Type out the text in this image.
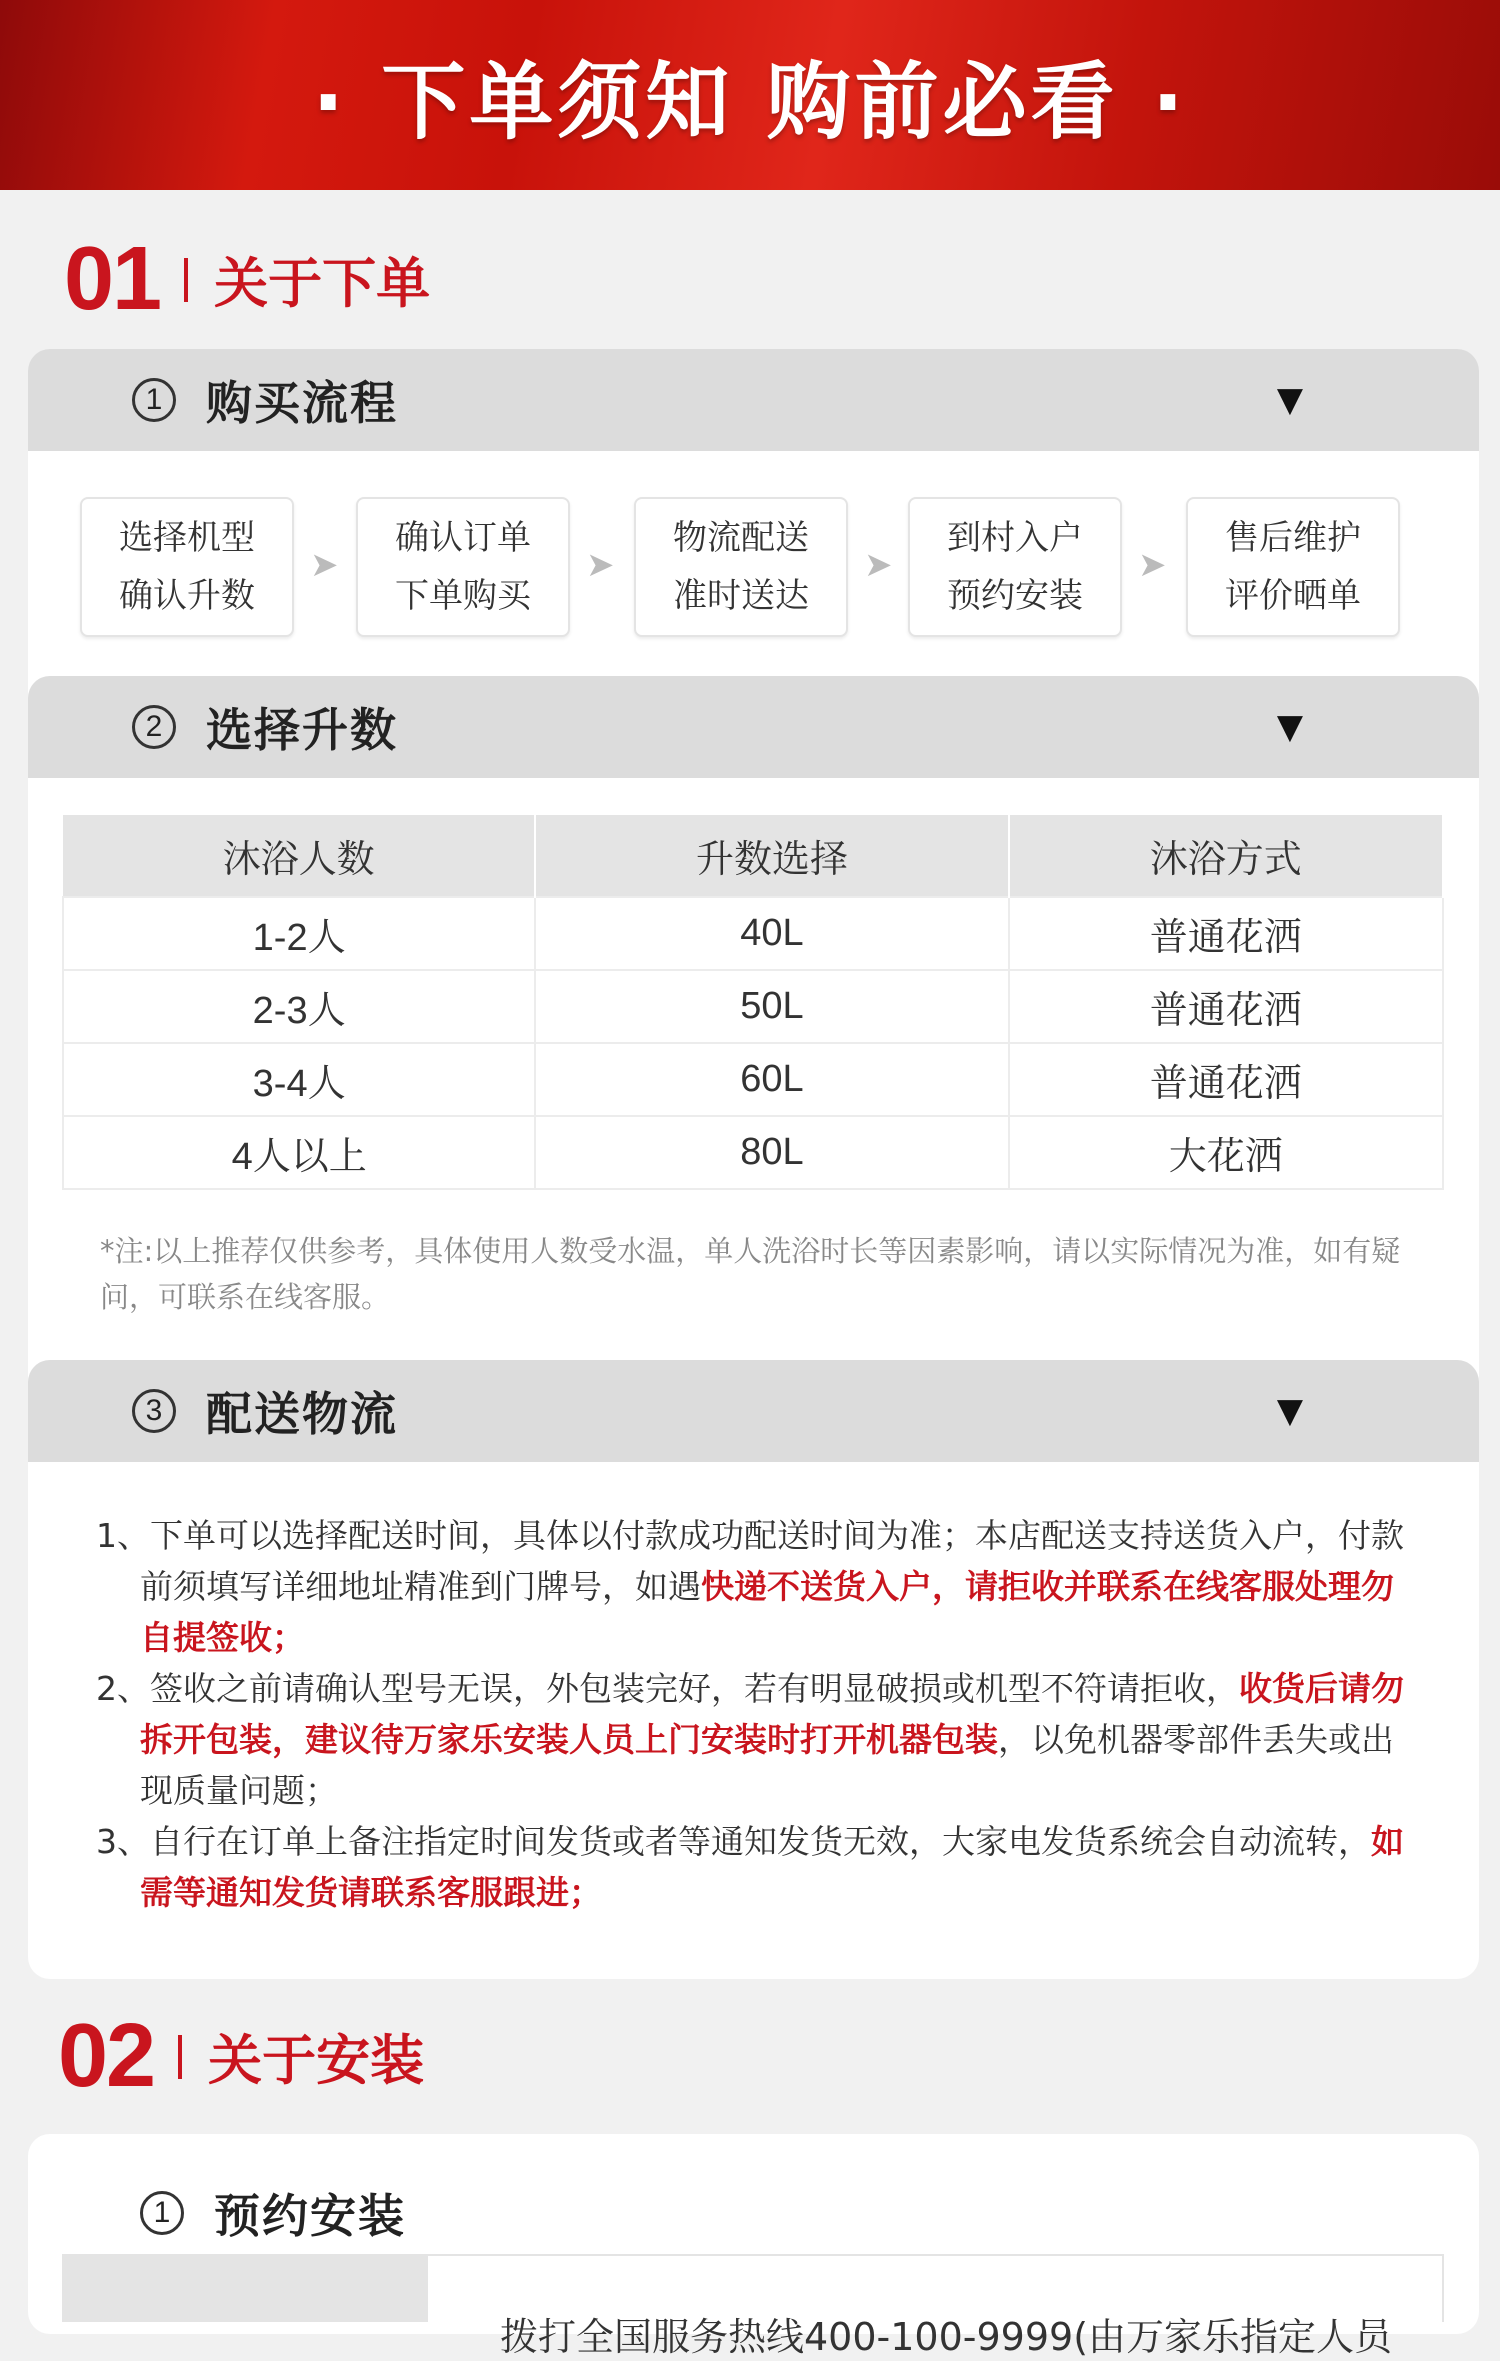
· 下单须知 购前必看 ·
01 关于下单
1 购买流程	▼
选择机型
确认升数
➤
确认订单
下单购买
➤
物流配送
准时送达
➤
到村入户
预约安装
➤
售后维护
评价晒单
2 选择升数	▼
沐浴人数	升数选择	沐浴方式
1-2人	40L	普通花洒
2-3人	50L	普通花洒
3-4人	60L	普通花洒
4人以上	80L	大花洒
*注:以上推荐仅供参考，具体使用人数受水温，单人洗浴时长等因素影响，请以实际情况为准，如有疑问，可联系在线客服。
3 配送物流	▼

1、下单可以选择配送时间，具体以付款成功配送时间为准；本店配送支持送货入户，付款前须填写详细地址精准到门牌号，如遇快递不送货入户，请拒收并联系在线客服处理勿自提签收；

2、签收之前请确认型号无误，外包装完好，若有明显破损或机型不符请拒收，收货后请勿拆开包装，建议待万家乐安装人员上门安装时打开机器包装，以免机器零部件丢失或出现质量问题；

3、自行在订单上备注指定时间发货或者等通知发货无效，大家电发货系统会自动流转，如需等通知发货请联系客服跟进；

02 关于安装
1 预约安装
拨打全国服务热线400-100-9999(由万家乐指定人员
